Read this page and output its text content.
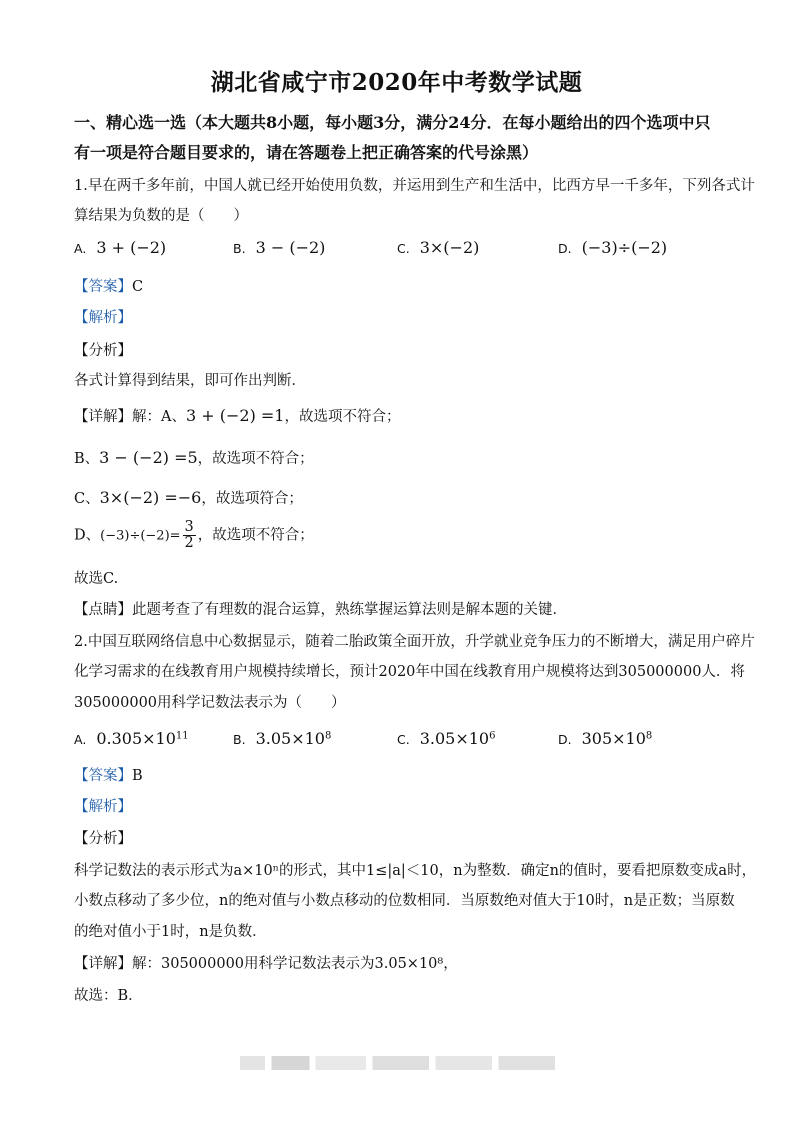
湖北省咸宁市2020年中考数学试题
一、精心选一选（本大题共8小题，每小题3分，满分24分．在每小题给出的四个选项中只
有一项是符合题目要求的，请在答题卷上把正确答案的代号涂黑）
1.早在两千多年前，中国人就已经开始使用负数，并运用到生产和生活中，比西方早一千多年，下列各式计
算结果为负数的是（　　）
A. 3 + (−2)	B. 3 − (−2)	C. 3×(−2)	D. (−3)÷(−2)
【答案】C
【解析】
【分析】
各式计算得到结果，即可作出判断．
【详解】解：A、3 + (−2) =1，故选项不符合；
B、3 − (−2) =5，故选项不符合；
C、3×(−2) =−6，故选项符合；
D、$(-3)\div(-2)= \frac{3}{2}$ ，故选项不符合；
故选C.
【点睛】此题考查了有理数的混合运算，熟练掌握运算法则是解本题的关键．
2.中国互联网络信息中心数据显示，随着二胎政策全面开放，升学就业竞争压力的不断增大，满足用户碎片
化学习需求的在线教育用户规模持续增长，预计2020年中国在线教育用户规模将达到305000000人．将
305000000用科学记数法表示为（　　）
A. $0.305\times 10^{11}$	B. $3.05\times 10^8$	C. $3.05\times 10^6$	D. $305\times 10^8$
【答案】B
【解析】
【分析】
科学记数法的表示形式为a×10ⁿ的形式，其中1≤|a|＜10，n为整数．确定n的值时，要看把原数变成a时，
小数点移动了多少位，n的绝对值与小数点移动的位数相同．当原数绝对值大于10时，n是正数；当原数
的绝对值小于1时，n是负数．
【详解】解：305000000用科学记数法表示为3.05×10⁸，
故选：B．
